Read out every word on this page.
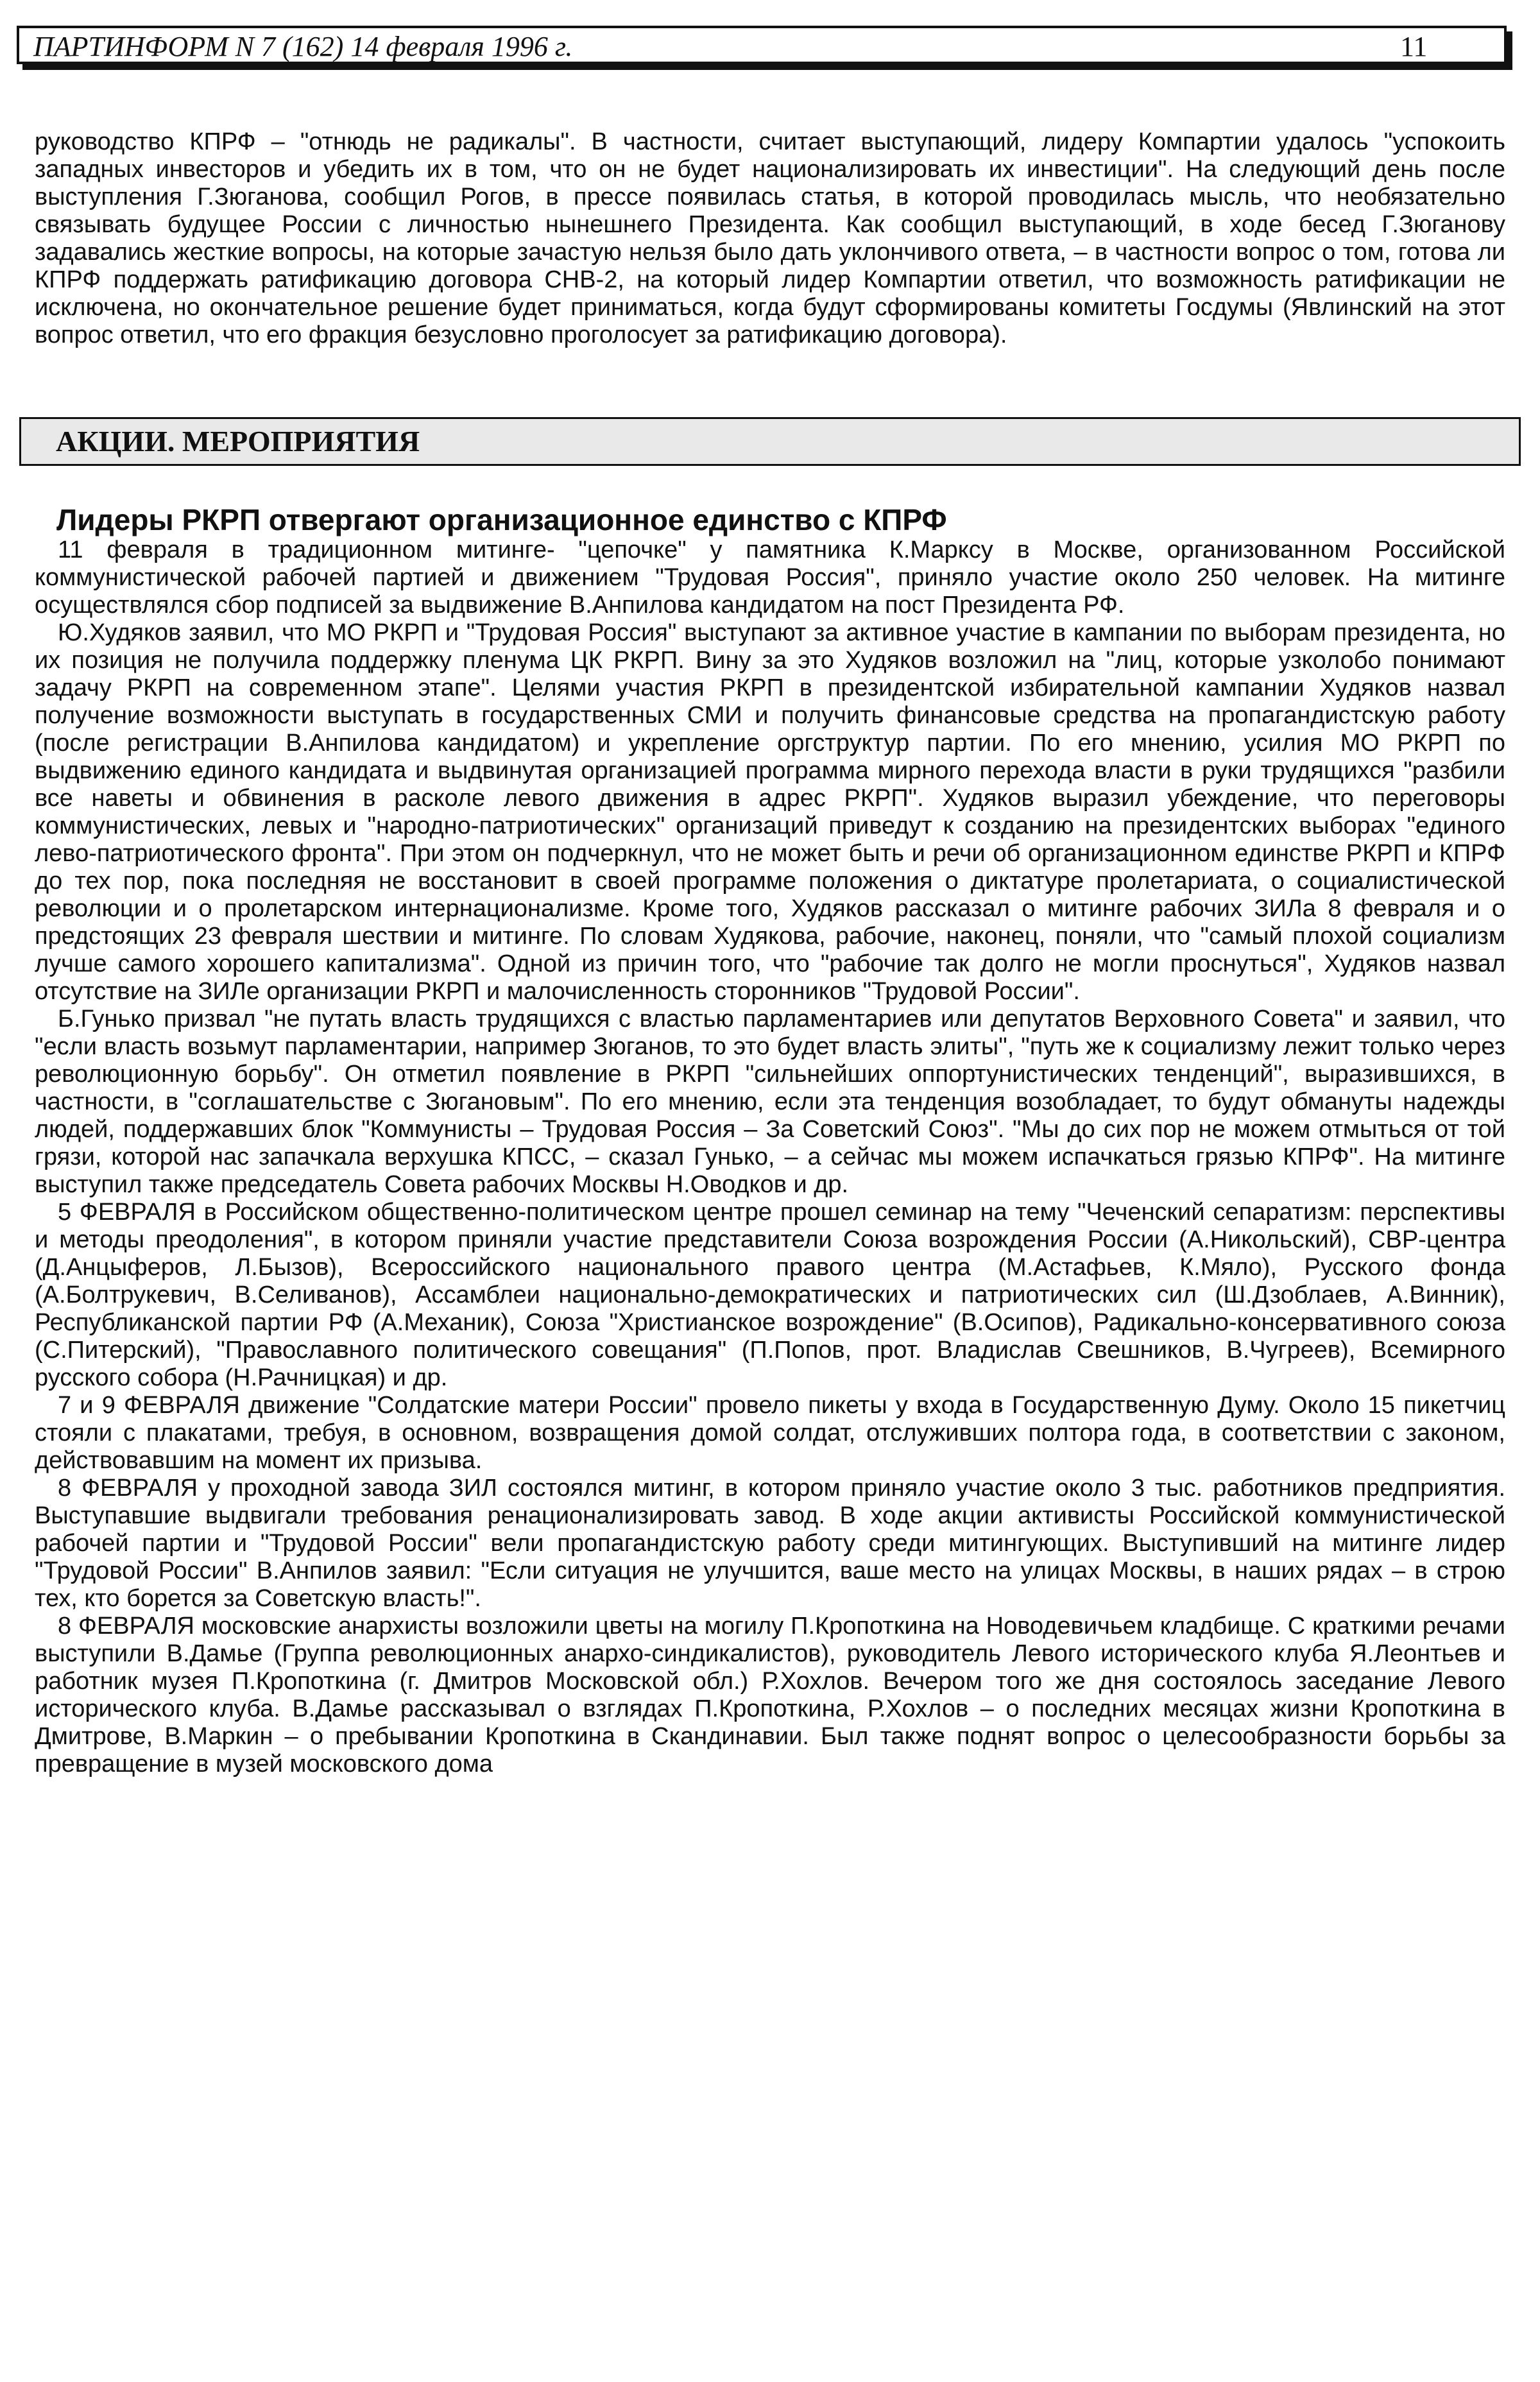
ПАРТИНФОРМ N 7 (162) 14 февраля 1996 г.	11

руководство КПРФ – "отнюдь не радикалы". В частности, считает выступающий, лидеру Компартии удалось "успокоить западных инвесторов и убедить их в том, что он не будет национализировать их инвестиции". На следующий день после выступления Г.Зюганова, сообщил Рогов, в прессе появилась статья, в которой проводилась мысль, что необязательно связывать будущее России с личностью нынешнего Президента. Как сообщил выступающий, в ходе бесед Г.Зюганову задавались жесткие вопросы, на которые зачастую нельзя было дать уклончивого ответа, – в частности вопрос о том, готова ли КПРФ поддержать ратификацию договора СНВ-2, на который лидер Компартии ответил, что возможность ратификации не исключена, но окончательное решение будет приниматься, когда будут сформированы комитеты Госдумы (Явлинский на этот вопрос ответил, что его фракция безусловно проголосует за ратификацию договора).

АКЦИИ. МЕРОПРИЯТИЯ
Лидеры РКРП отвергают организационное единство с КПРФ

11 февраля в традиционном митинге- "цепочке" у памятника К.Марксу в Москве, организованном Российской коммунистической рабочей партией и движением "Трудовая Россия", приняло участие около 250 человек. На митинге осуществлялся сбор подписей за выдвижение В.Анпилова кандидатом на пост Президента РФ.

Ю.Худяков заявил, что МО РКРП и "Трудовая Россия" выступают за активное участие в кампании по выборам президента, но их позиция не получила поддержку пленума ЦК РКРП. Вину за это Худяков возложил на "лиц, которые узколобо понимают задачу РКРП на современном этапе". Целями участия РКРП в президентской избирательной кампании Худяков назвал получение возможности выступать в государственных СМИ и получить финансовые средства на пропагандистскую работу (после регистрации В.Анпилова кандидатом) и укрепление оргструктур партии. По его мнению, усилия МО РКРП по выдвижению единого кандидата и выдвинутая организацией программа мирного перехода власти в руки трудящихся "разбили все наветы и обвинения в расколе левого движения в адрес РКРП". Худяков выразил убеждение, что переговоры коммунистических, левых и "народно-патриотических" организаций приведут к созданию на президентских выборах "единого лево-патриотического фронта". При этом он подчеркнул, что не может быть и речи об организационном единстве РКРП и КПРФ до тех пор, пока последняя не восстановит в своей программе положения о диктатуре пролетариата, о социалистической революции и о пролетарском интернационализме. Кроме того, Худяков рассказал о митинге рабочих ЗИЛа 8 февраля и о предстоящих 23 февраля шествии и митинге. По словам Худякова, рабочие, наконец, поняли, что "самый плохой социализм лучше самого хорошего капитализма". Одной из причин того, что "рабочие так долго не могли проснуться", Худяков назвал отсутствие на ЗИЛе организации РКРП и малочисленность сторонников "Трудовой России".

Б.Гунько призвал "не путать власть трудящихся с властью парламентариев или депутатов Верховного Совета" и заявил, что "если власть возьмут парламентарии, например Зюганов, то это будет власть элиты", "путь же к социализму лежит только через революционную борьбу". Он отметил появление в РКРП "сильнейших оппортунистических тенденций", выразившихся, в частности, в "соглашательстве с Зюгановым". По его мнению, если эта тенденция возобладает, то будут обмануты надежды людей, поддержавших блок "Коммунисты – Трудовая Россия – За Советский Союз". "Мы до сих пор не можем отмыться от той грязи, которой нас запачкала верхушка КПСС, – сказал Гунько, – а сейчас мы можем испачкаться грязью КПРФ". На митинге выступил также председатель Совета рабочих Москвы Н.Оводков и др.

5 ФЕВРАЛЯ в Российском общественно-политическом центре прошел семинар на тему "Чеченский сепаратизм: перспективы и методы преодоления", в котором приняли участие представители Союза возрождения России (А.Никольский), СВР-центра (Д.Анцыферов, Л.Бызов), Всероссийского национального правого центра (М.Астафьев, К.Мяло), Русского фонда (А.Болтрукевич, В.Селиванов), Ассамблеи национально-демократических и патриотических сил (Ш.Дзоблаев, А.Винник), Республиканской партии РФ (А.Механик), Союза "Христианское возрождение" (В.Осипов), Радикально-консервативного союза (С.Питерский), "Православного политического совещания" (П.Попов, прот. Владислав Свешников, В.Чугреев), Всемирного русского собора (Н.Рачницкая) и др.

7 и 9 ФЕВРАЛЯ движение "Солдатские матери России" провело пикеты у входа в Государственную Думу. Около 15 пикетчиц стояли с плакатами, требуя, в основном, возвращения домой солдат, отслуживших полтора года, в соответствии с законом, действовавшим на момент их призыва.

8 ФЕВРАЛЯ у проходной завода ЗИЛ состоялся митинг, в котором приняло участие около 3 тыс. работников предприятия. Выступавшие выдвигали требования ренационализировать завод. В ходе акции активисты Российской коммунистической рабочей партии и "Трудовой России" вели пропагандистскую работу среди митингующих. Выступивший на митинге лидер "Трудовой России" В.Анпилов заявил: "Если ситуация не улучшится, ваше место на улицах Москвы, в наших рядах – в строю тех, кто борется за Советскую власть!".

8 ФЕВРАЛЯ московские анархисты возложили цветы на могилу П.Кропоткина на Новодевичьем кладбище. С краткими речами выступили В.Дамье (Группа революционных анархо-синдикалистов), руководитель Левого исторического клуба Я.Леонтьев и работник музея П.Кропоткина (г. Дмитров Московской обл.) Р.Хохлов. Вечером того же дня состоялось заседание Левого исторического клуба. В.Дамье рассказывал о взглядах П.Кропоткина, Р.Хохлов – о последних месяцах жизни Кропоткина в Дмитрове, В.Маркин – о пребывании Кропоткина в Скандинавии. Был также поднят вопрос о целесообразности борьбы за превращение в музей московского дома
